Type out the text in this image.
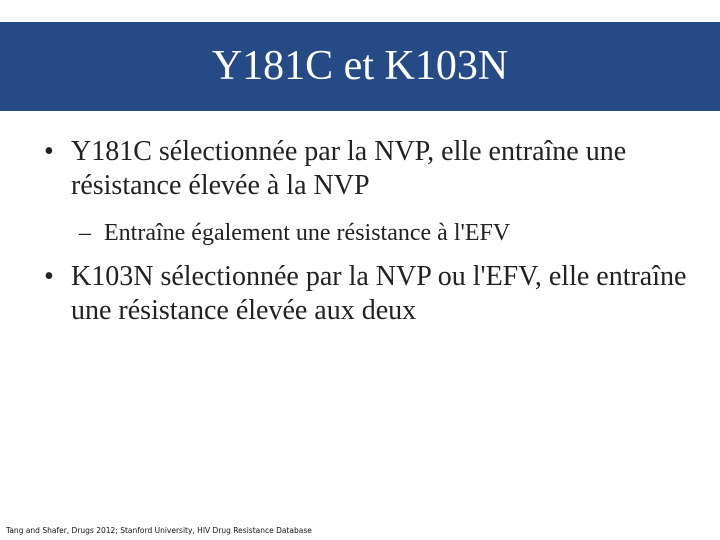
Y181C et K103N
• Y181C sélectionnée par la NVP, elle entraîne une résistance élevée à la NVP
– Entraîne également une résistance à l'EFV
• K103N sélectionnée par la NVP ou l'EFV, elle entraîne une résistance élevée aux deux
Tang and Shafer, Drugs 2012; Stanford University, HIV Drug Resistance Database
